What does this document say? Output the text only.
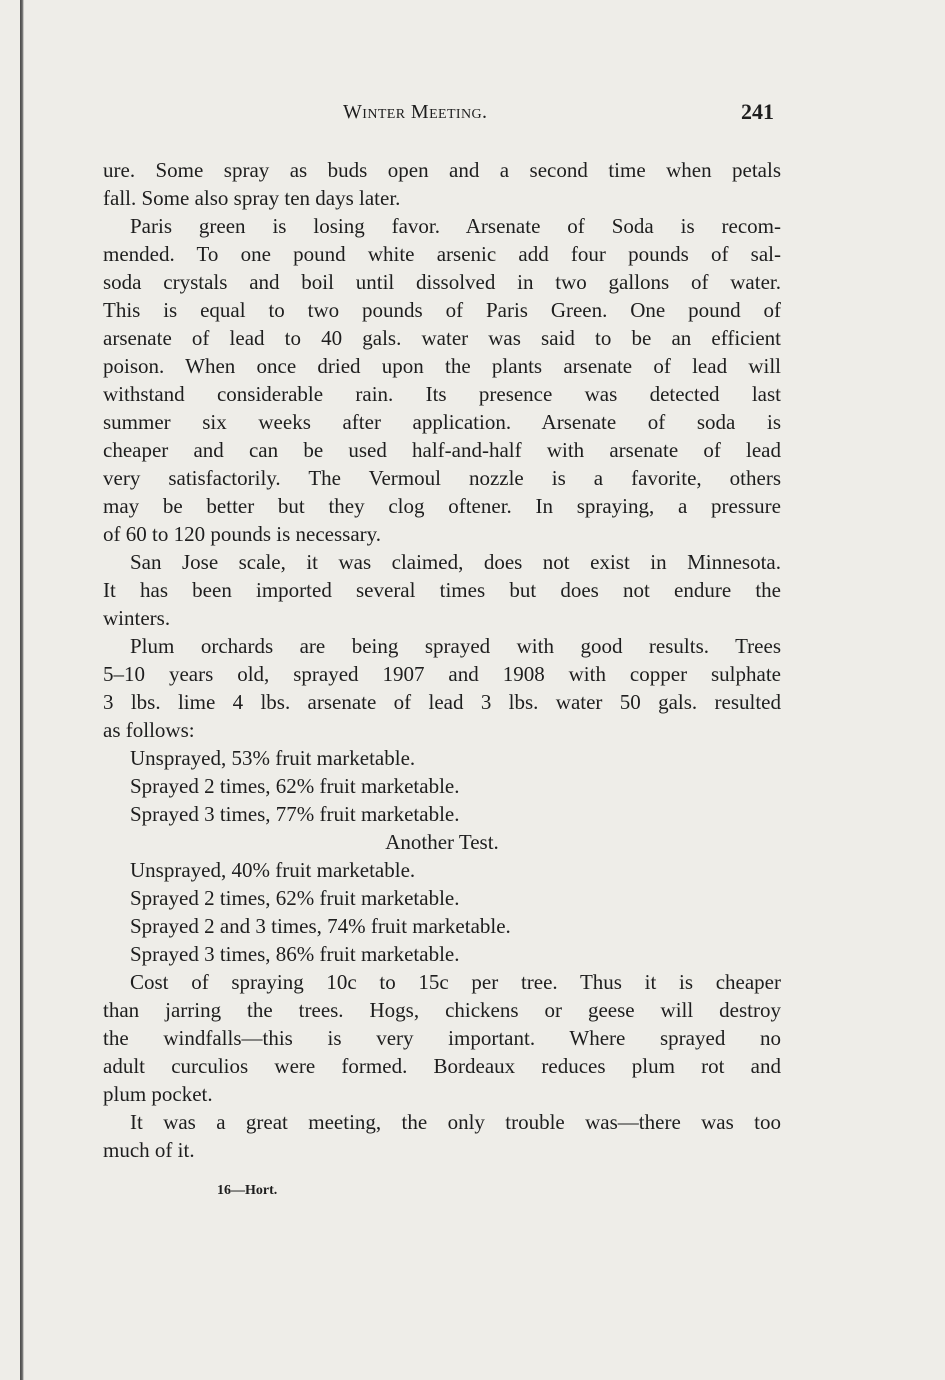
Winter Meeting.	241
ure. Some spray as buds open and a second time when petals
fall. Some also spray ten days later.
Paris green is losing favor. Arsenate of Soda is recom-
mended. To one pound white arsenic add four pounds of sal-
soda crystals and boil until dissolved in two gallons of water.
This is equal to two pounds of Paris Green. One pound of
arsenate of lead to 40 gals. water was said to be an efficient
poison. When once dried upon the plants arsenate of lead will
withstand considerable rain. Its presence was detected last
summer six weeks after application. Arsenate of soda is
cheaper and can be used half-and-half with arsenate of lead
very satisfactorily. The Vermoul nozzle is a favorite, others
may be better but they clog oftener. In spraying, a pressure
of 60 to 120 pounds is necessary.
San Jose scale, it was claimed, does not exist in Minnesota.
It has been imported several times but does not endure the
winters.
Plum orchards are being sprayed with good results. Trees
5–10 years old, sprayed 1907 and 1908 with copper sulphate
3 lbs. lime 4 lbs. arsenate of lead 3 lbs. water 50 gals. resulted
as follows:
Unsprayed, 53% fruit marketable.
Sprayed 2 times, 62% fruit marketable.
Sprayed 3 times, 77% fruit marketable.
Another Test.
Unsprayed, 40% fruit marketable.
Sprayed 2 times, 62% fruit marketable.
Sprayed 2 and 3 times, 74% fruit marketable.
Sprayed 3 times, 86% fruit marketable.
Cost of spraying 10c to 15c per tree. Thus it is cheaper
than jarring the trees. Hogs, chickens or geese will destroy
the windfalls—this is very important. Where sprayed no
adult curculios were formed. Bordeaux reduces plum rot and
plum pocket.
It was a great meeting, the only trouble was—there was too
much of it.
16—Hort.
